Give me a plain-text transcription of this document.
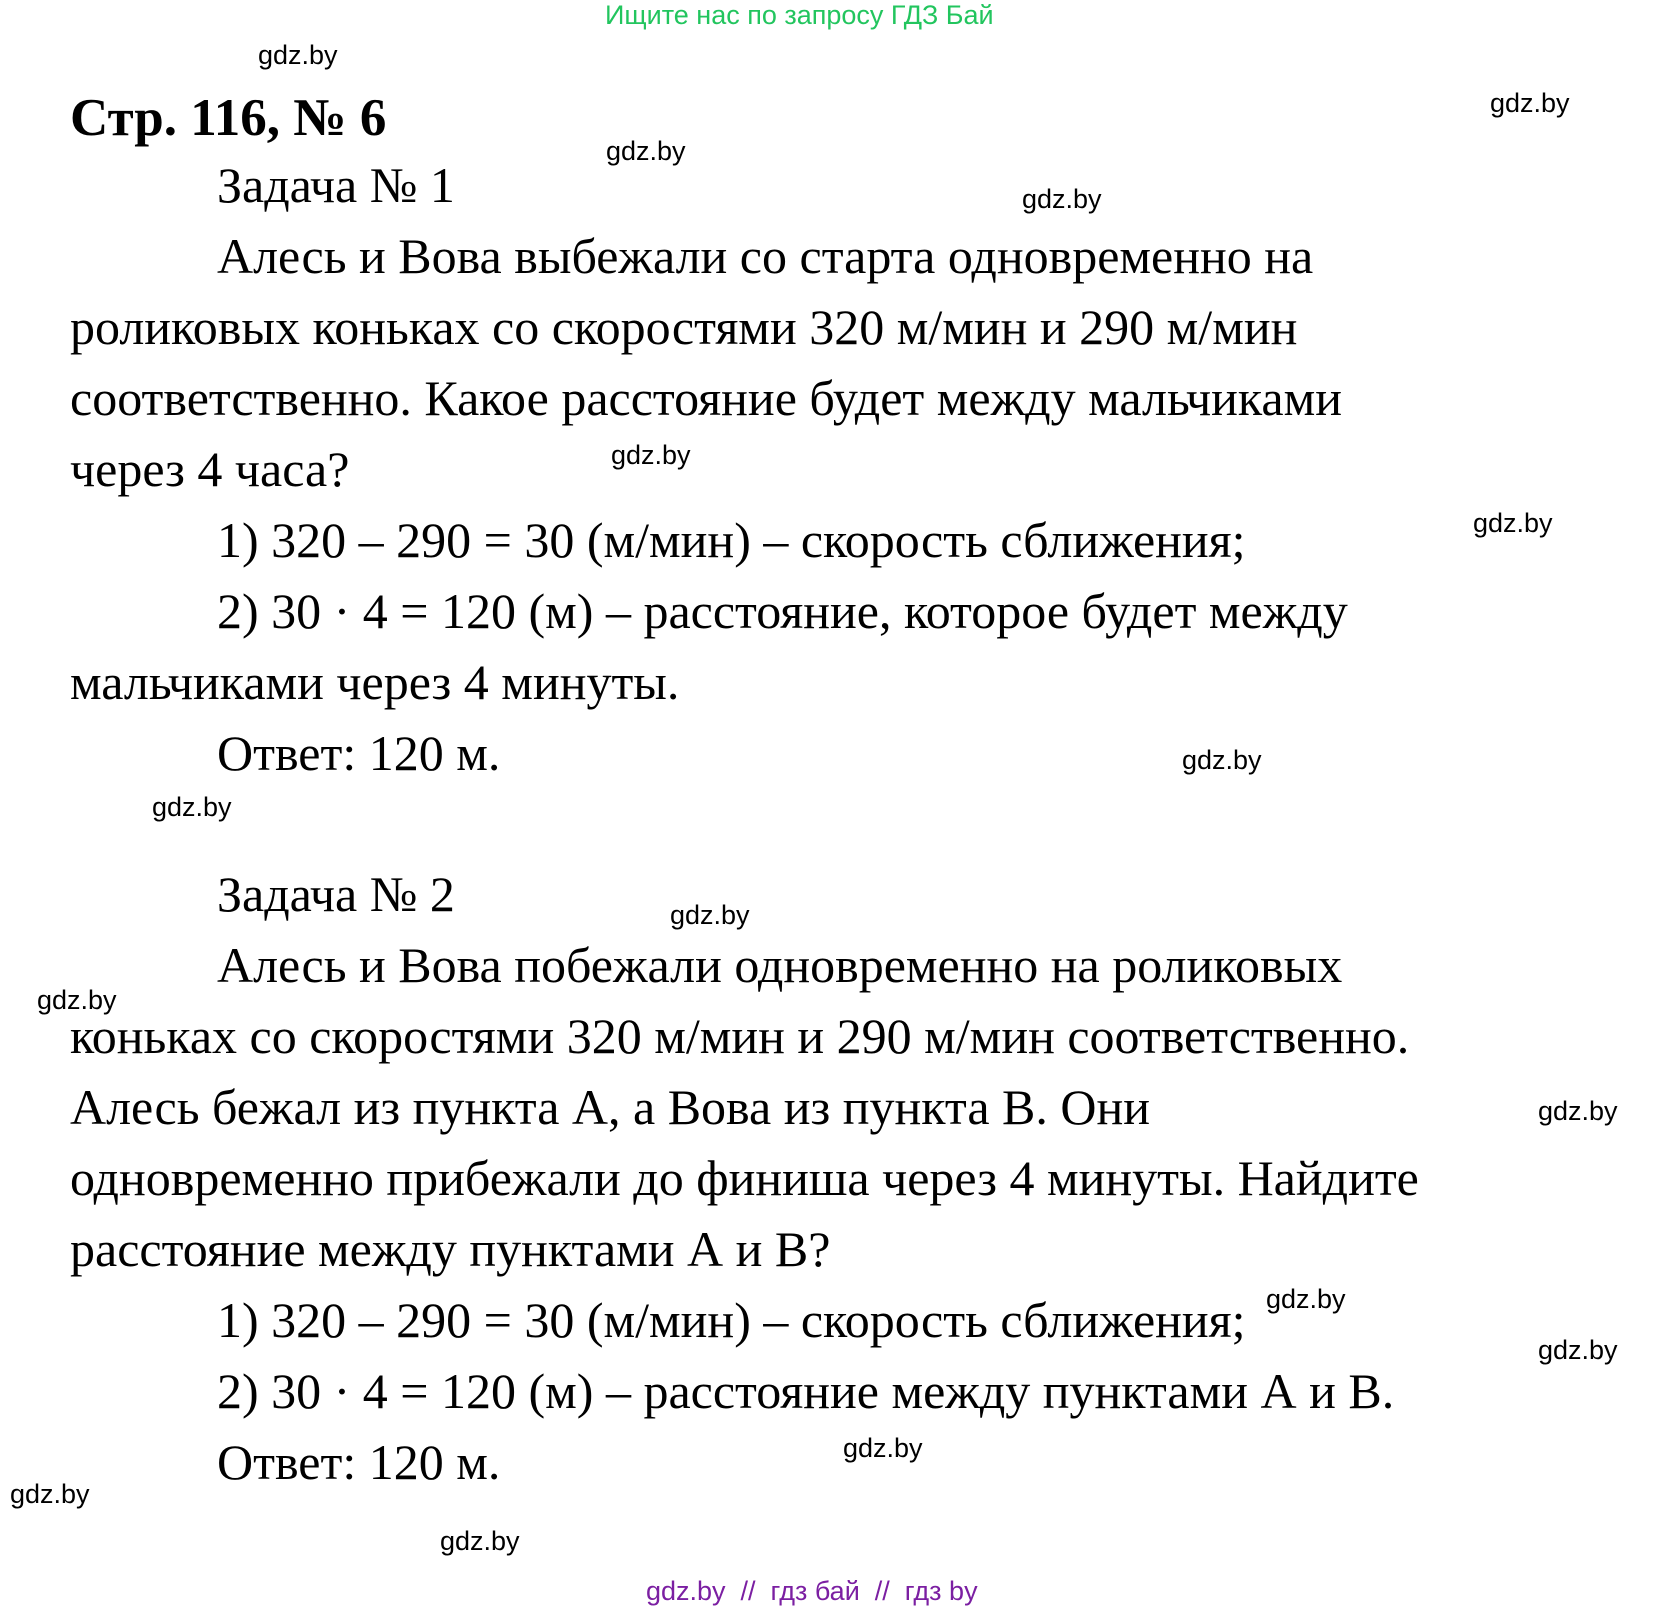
Ищите нас по запросу ГДЗ Бай
Стр. 116, № 6
Задача № 1
Алесь и Вова выбежали со старта одновременно на
роликовых коньках со скоростями 320 м/мин и 290 м/мин
соответственно. Какое расстояние будет между мальчиками
через 4 часа?
1) 320 – 290 = 30 (м/мин) – скорость сближения;
2) 30 · 4 = 120 (м) – расстояние, которое будет между
мальчиками через 4 минуты.
Ответ: 120 м.
Задача № 2
Алесь и Вова побежали одновременно на роликовых
коньках со скоростями 320 м/мин и 290 м/мин соответственно.
Алесь бежал из пункта А, а Вова из пункта В. Они
одновременно прибежали до финиша через 4 минуты. Найдите
расстояние между пунктами А и В?
1) 320 – 290 = 30 (м/мин) – скорость сближения;
2) 30 · 4 = 120 (м) – расстояние между пунктами А и В.
Ответ: 120 м.
gdz.by
gdz.by
gdz.by
gdz.by
gdz.by
gdz.by
gdz.by
gdz.by
gdz.by
gdz.by
gdz.by
gdz.by
gdz.by
gdz.by
gdz.by
gdz.by
gdz.by  //  гдз бай  //  гдз by
